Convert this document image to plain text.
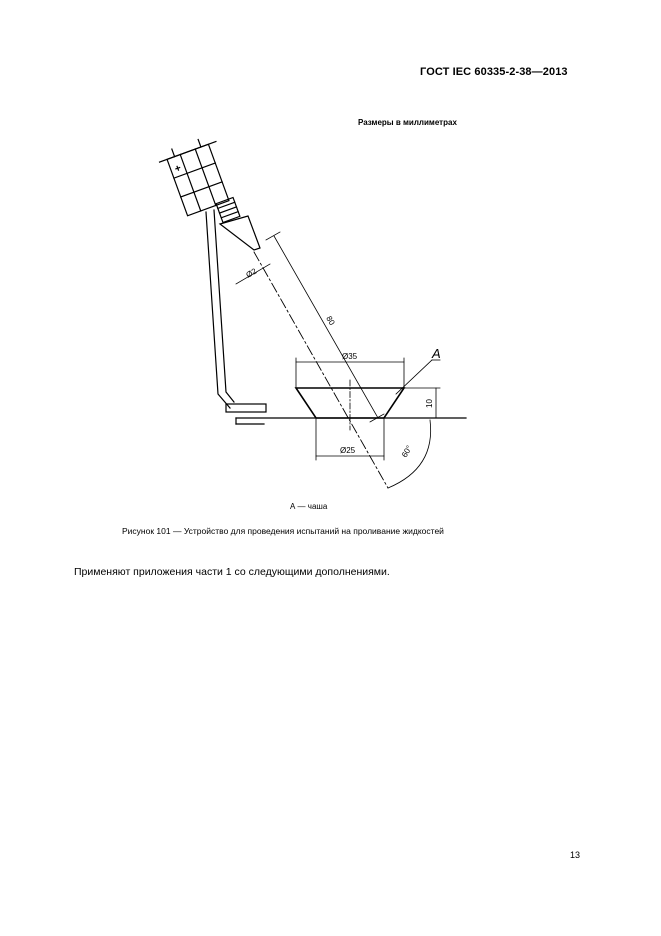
ГОСТ IEC 60335-2-38—2013
Размеры в миллиметрах
Ø2
80
Ø35
Ø25
10
60°
A
А — чаша
Рисунок 101 — Устройство для проведения испытаний на проливание жидкостей
Применяют приложения части 1 со следующими дополнениями.
13
